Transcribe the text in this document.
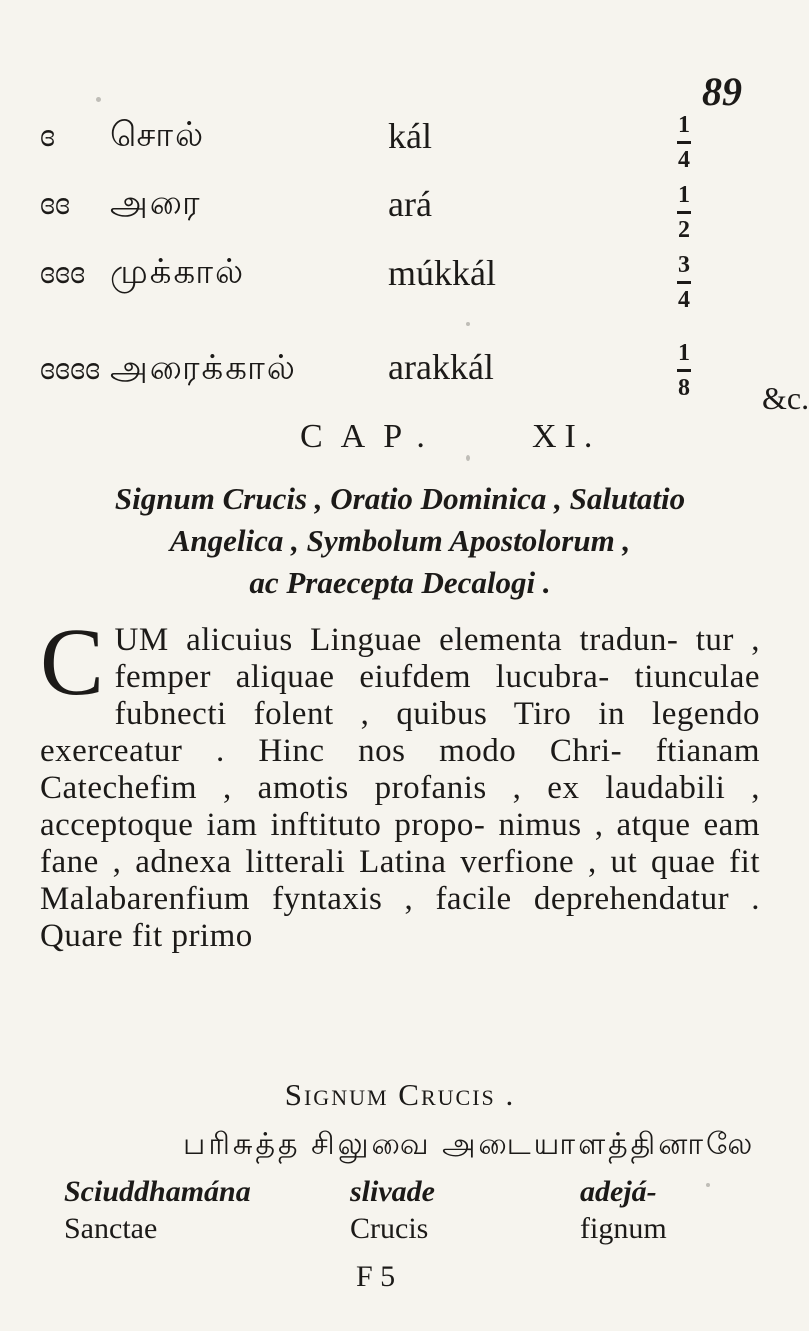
89
ɞ சொல்	kál	1
4
ɞɞ அரை	ará	1
2
ɞɞɞ முக்கால்	múkkál	3
4
ɞɞɞɞ அரைக்கால்	arakkál	1
8	&c.
CAP.	XI.
Signum Crucis , Oratio Dominica , Salutatio
Angelica , Symbolum Apostolorum ,
ac Praecepta Decalogi .
C UM alicuius Linguae elementa tradun- tur , femper aliquae eiufdem lucubra- tiunculae fubnecti folent , quibus Tiro in legendo exerceatur . Hinc nos modo Chri- ftianam Catechefim , amotis profanis , ex laudabili , acceptoque iam inftituto propo- nimus , atque eam fane , adnexa litterali Latina verfione , ut quae fit Malabarenfium fyntaxis , facile deprehendatur . Quare fit primo
Signum Crucis .
பரிசுத்த சிலுவை அடையாளத்தினாலே
Sciuddhamána
Sanctae
slivade
Crucis
adejá-
fignum
F 5
